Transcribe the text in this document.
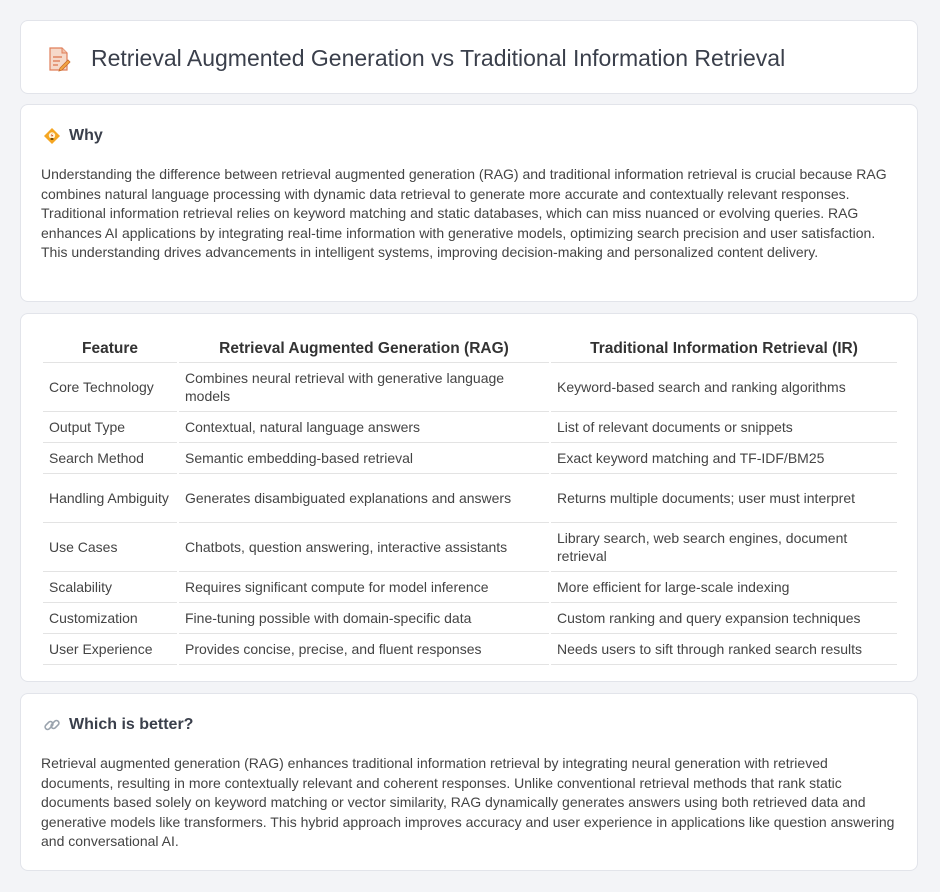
Retrieval Augmented Generation vs Traditional Information Retrieval
Why
Understanding the difference between retrieval augmented generation (RAG) and traditional information retrieval is crucial because RAG combines natural language processing with dynamic data retrieval to generate more accurate and contextually relevant responses. Traditional information retrieval relies on keyword matching and static databases, which can miss nuanced or evolving queries. RAG enhances AI applications by integrating real-time information with generative models, optimizing search precision and user satisfaction. This understanding drives advancements in intelligent systems, improving decision-making and personalized content delivery.
Feature	Retrieval Augmented Generation (RAG)	Traditional Information Retrieval (IR)
Core Technology	Combines neural retrieval with generative language models	Keyword-based search and ranking algorithms
Output Type	Contextual, natural language answers	List of relevant documents or snippets
Search Method	Semantic embedding-based retrieval	Exact keyword matching and TF-IDF/BM25
Handling Ambiguity	Generates disambiguated explanations and answers	Returns multiple documents; user must interpret
Use Cases	Chatbots, question answering, interactive assistants	Library search, web search engines, document retrieval
Scalability	Requires significant compute for model inference	More efficient for large-scale indexing
Customization	Fine-tuning possible with domain-specific data	Custom ranking and query expansion techniques
User Experience	Provides concise, precise, and fluent responses	Needs users to sift through ranked search results
Which is better?
Retrieval augmented generation (RAG) enhances traditional information retrieval by integrating neural generation with retrieved documents, resulting in more contextually relevant and coherent responses. Unlike conventional retrieval methods that rank static documents based solely on keyword matching or vector similarity, RAG dynamically generates answers using both retrieved data and generative models like transformers. This hybrid approach improves accuracy and user experience in applications like question answering and conversational AI.
